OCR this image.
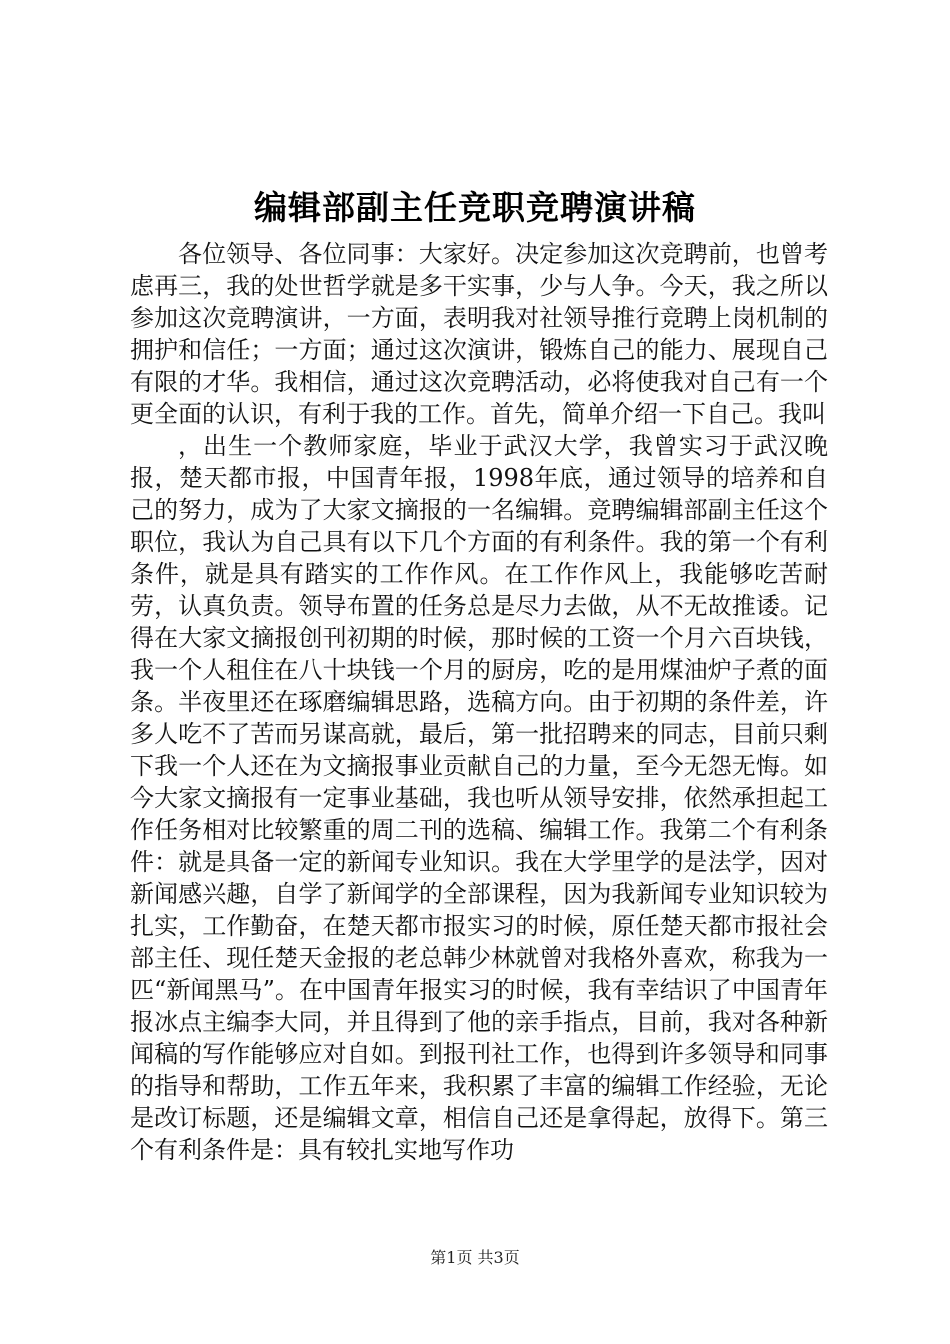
编辑部副主任竞职竞聘演讲稿

各位领导、各位同事：大家好。决定参加这次竞聘前，也曾考虑再三，我的处世哲学就是多干实事，少与人争。今天，我之所以参加这次竞聘演讲，一方面，表明我对社领导推行竞聘上岗机制的拥护和信任；一方面；通过这次演讲，锻炼自己的能力、展现自己有限的才华。我相信，通过这次竞聘活动，必将使我对自己有一个更全面的认识，有利于我的工作。首先，简单介绍一下自己。我叫

，出生一个教师家庭，毕业于武汉大学，我曾实习于武汉晚报，楚天都市报，中国青年报，1998年底，通过领导的培养和自己的努力，成为了大家文摘报的一名编辑。竞聘编辑部副主任这个职位，我认为自己具有以下几个方面的有利条件。我的第一个有利条件，就是具有踏实的工作作风。在工作作风上，我能够吃苦耐劳，认真负责。领导布置的任务总是尽力去做，从不无故推诿。记得在大家文摘报创刊初期的时候，那时候的工资一个月六百块钱，我一个人租住在八十块钱一个月的厨房，吃的是用煤油炉子煮的面条。半夜里还在琢磨编辑思路，选稿方向。由于初期的条件差，许多人吃不了苦而另谋高就，最后，第一批招聘来的同志，目前只剩下我一个人还在为文摘报事业贡献自己的力量，至今无怨无悔。如今大家文摘报有一定事业基础，我也听从领导安排，依然承担起工作任务相对比较繁重的周二刊的选稿、编辑工作。我第二个有利条件：就是具备一定的新闻专业知识。我在大学里学的是法学，因对新闻感兴趣，自学了新闻学的全部课程，因为我新闻专业知识较为扎实，工作勤奋，在楚天都市报实习的时候，原任楚天都市报社会部主任、现任楚天金报的老总韩少林就曾对我格外喜欢，称我为一匹“新闻黑马”。在中国青年报实习的时候，我有幸结识了中国青年报冰点主编李大同，并且得到了他的亲手指点，目前，我对各种新闻稿的写作能够应对自如。到报刊社工作，也得到许多领导和同事的指导和帮助，工作五年来，我积累了丰富的编辑工作经验，无论是改订标题，还是编辑文章，相信自己还是拿得起，放得下。第三个有利条件是：具有较扎实地写作功

第1页 共3页
